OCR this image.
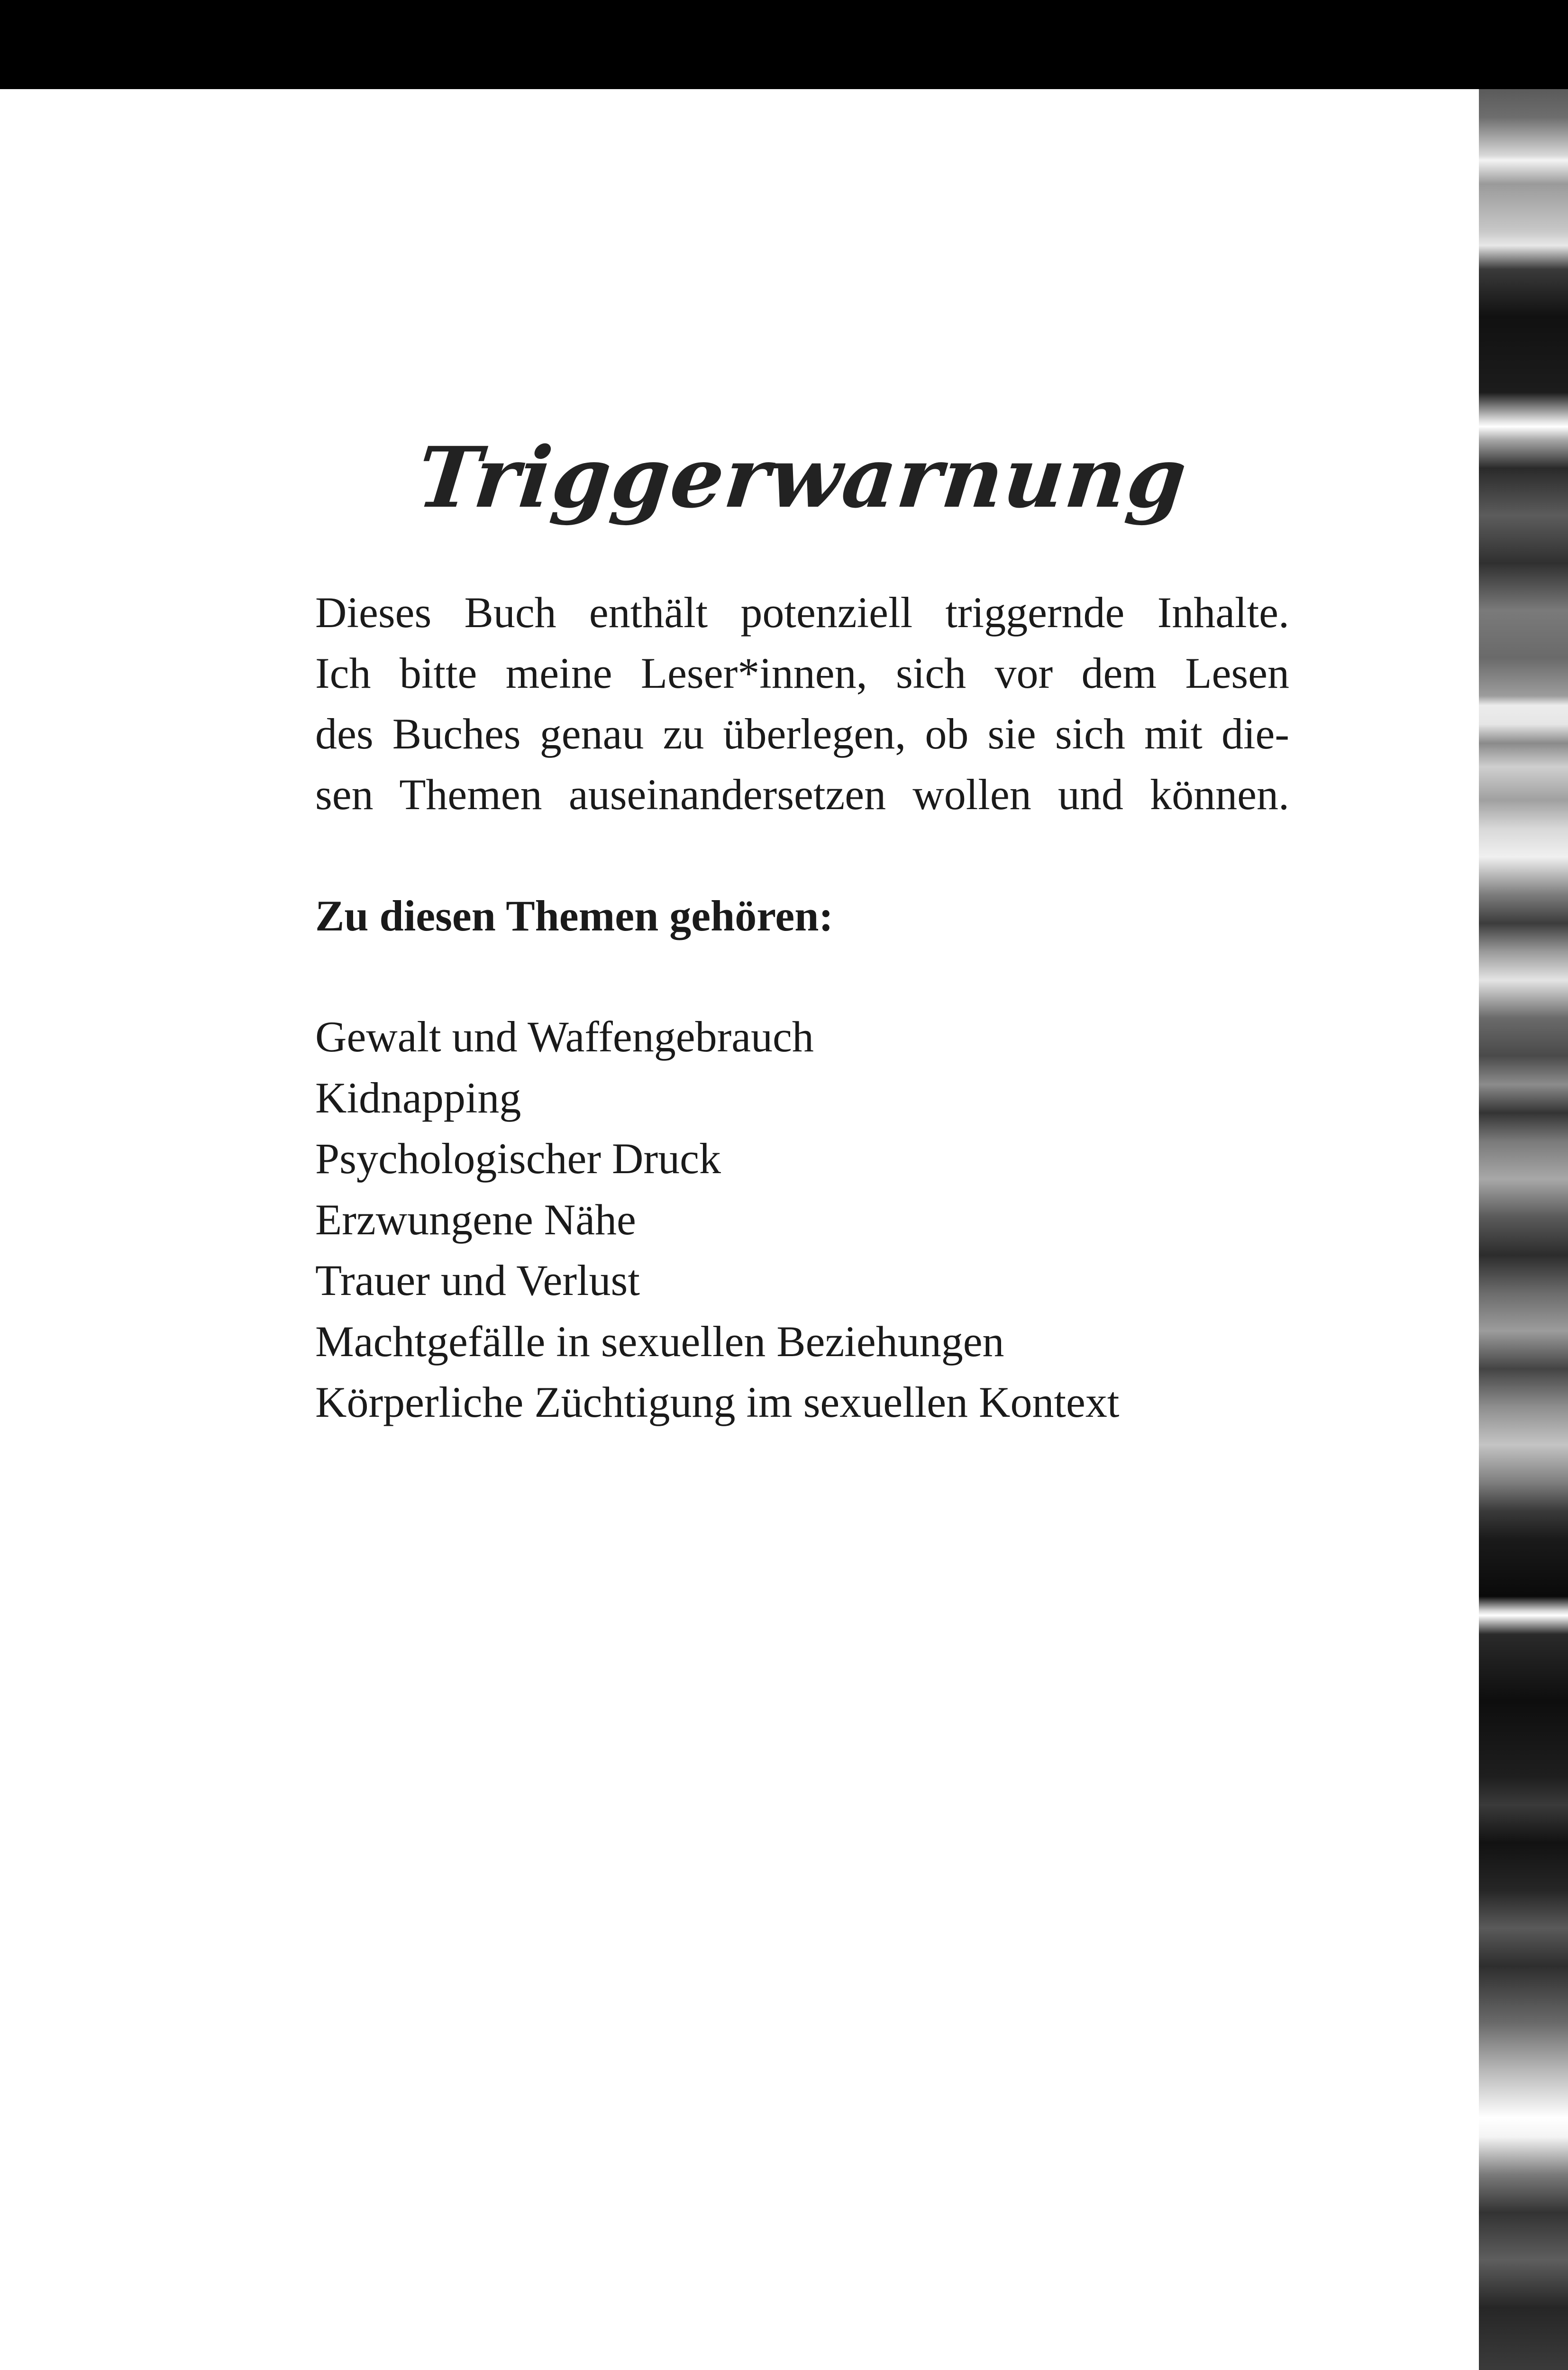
Triggerwarnung

Dieses Buch enthält potenziell triggernde Inhalte.
Ich bitte meine Leser*innen, sich vor dem Lesen
des Buches genau zu überlegen, ob sie sich mit die-
sen Themen auseinandersetzen wollen und können.

Zu diesen Themen gehören:

Gewalt und Waffengebrauch
Kidnapping
Psychologischer Druck
Erzwungene Nähe
Trauer und Verlust
Machtgefälle in sexuellen Beziehungen
Körperliche Züchtigung im sexuellen Kontext
